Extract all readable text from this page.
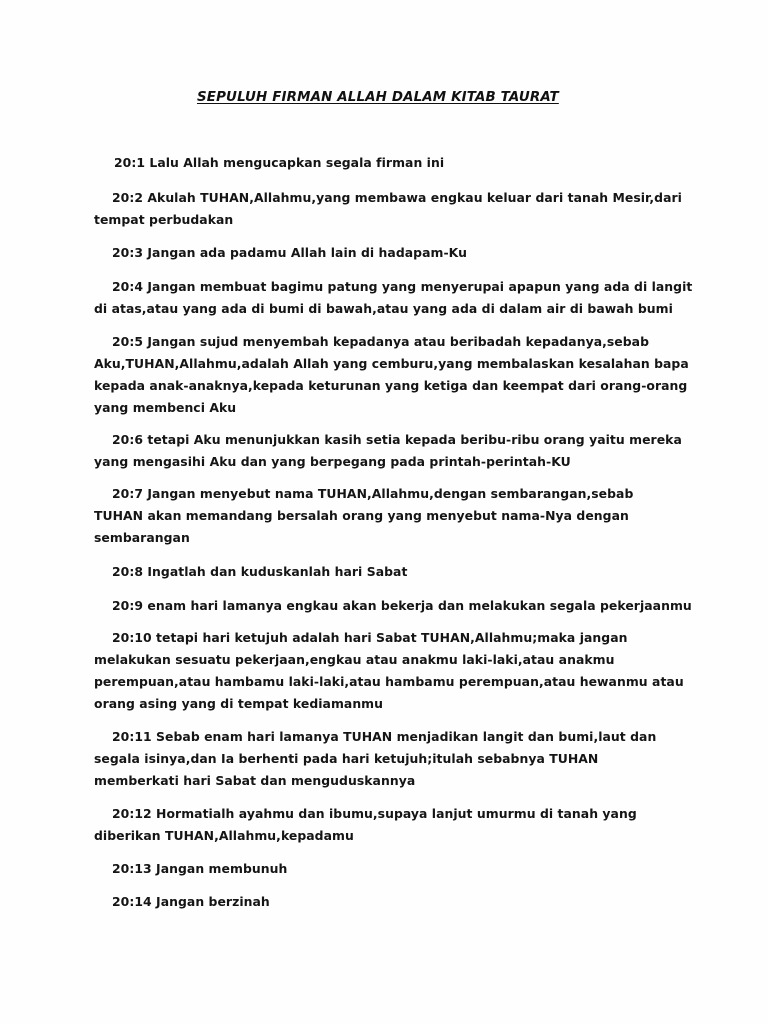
SEPULUH FIRMAN ALLAH DALAM KITAB TAURAT
20:1 Lalu Allah mengucapkan segala firman ini
20:2 Akulah TUHAN,Allahmu,yang membawa engkau keluar dari tanah Mesir,dari
tempat perbudakan
20:3 Jangan ada padamu Allah lain di hadapam-Ku
20:4 Jangan membuat bagimu patung yang menyerupai apapun yang ada di langit
di atas,atau yang ada di bumi di bawah,atau yang ada di dalam air di bawah bumi
20:5 Jangan sujud menyembah kepadanya atau beribadah kepadanya,sebab
Aku,TUHAN,Allahmu,adalah Allah yang cemburu,yang membalaskan kesalahan bapa
kepada anak-anaknya,kepada keturunan yang ketiga dan keempat dari orang-orang
yang membenci Aku
20:6 tetapi Aku menunjukkan kasih setia kepada beribu-ribu orang yaitu mereka
yang mengasihi Aku dan yang berpegang pada printah-perintah-KU
20:7 Jangan menyebut nama TUHAN,Allahmu,dengan sembarangan,sebab
TUHAN akan memandang bersalah orang yang menyebut nama-Nya dengan
sembarangan
20:8 Ingatlah dan kuduskanlah hari Sabat
20:9 enam hari lamanya engkau akan bekerja dan melakukan segala pekerjaanmu
20:10 tetapi hari ketujuh adalah hari Sabat TUHAN,Allahmu;maka jangan
melakukan sesuatu pekerjaan,engkau atau anakmu laki-laki,atau anakmu
perempuan,atau hambamu laki-laki,atau hambamu perempuan,atau hewanmu atau
orang asing yang di tempat kediamanmu
20:11 Sebab enam hari lamanya TUHAN menjadikan langit dan bumi,laut dan
segala isinya,dan Ia berhenti pada hari ketujuh;itulah sebabnya TUHAN
memberkati hari Sabat dan menguduskannya
20:12 Hormatialh ayahmu dan ibumu,supaya lanjut umurmu di tanah yang
diberikan TUHAN,Allahmu,kepadamu
20:13 Jangan membunuh
20:14 Jangan berzinah
